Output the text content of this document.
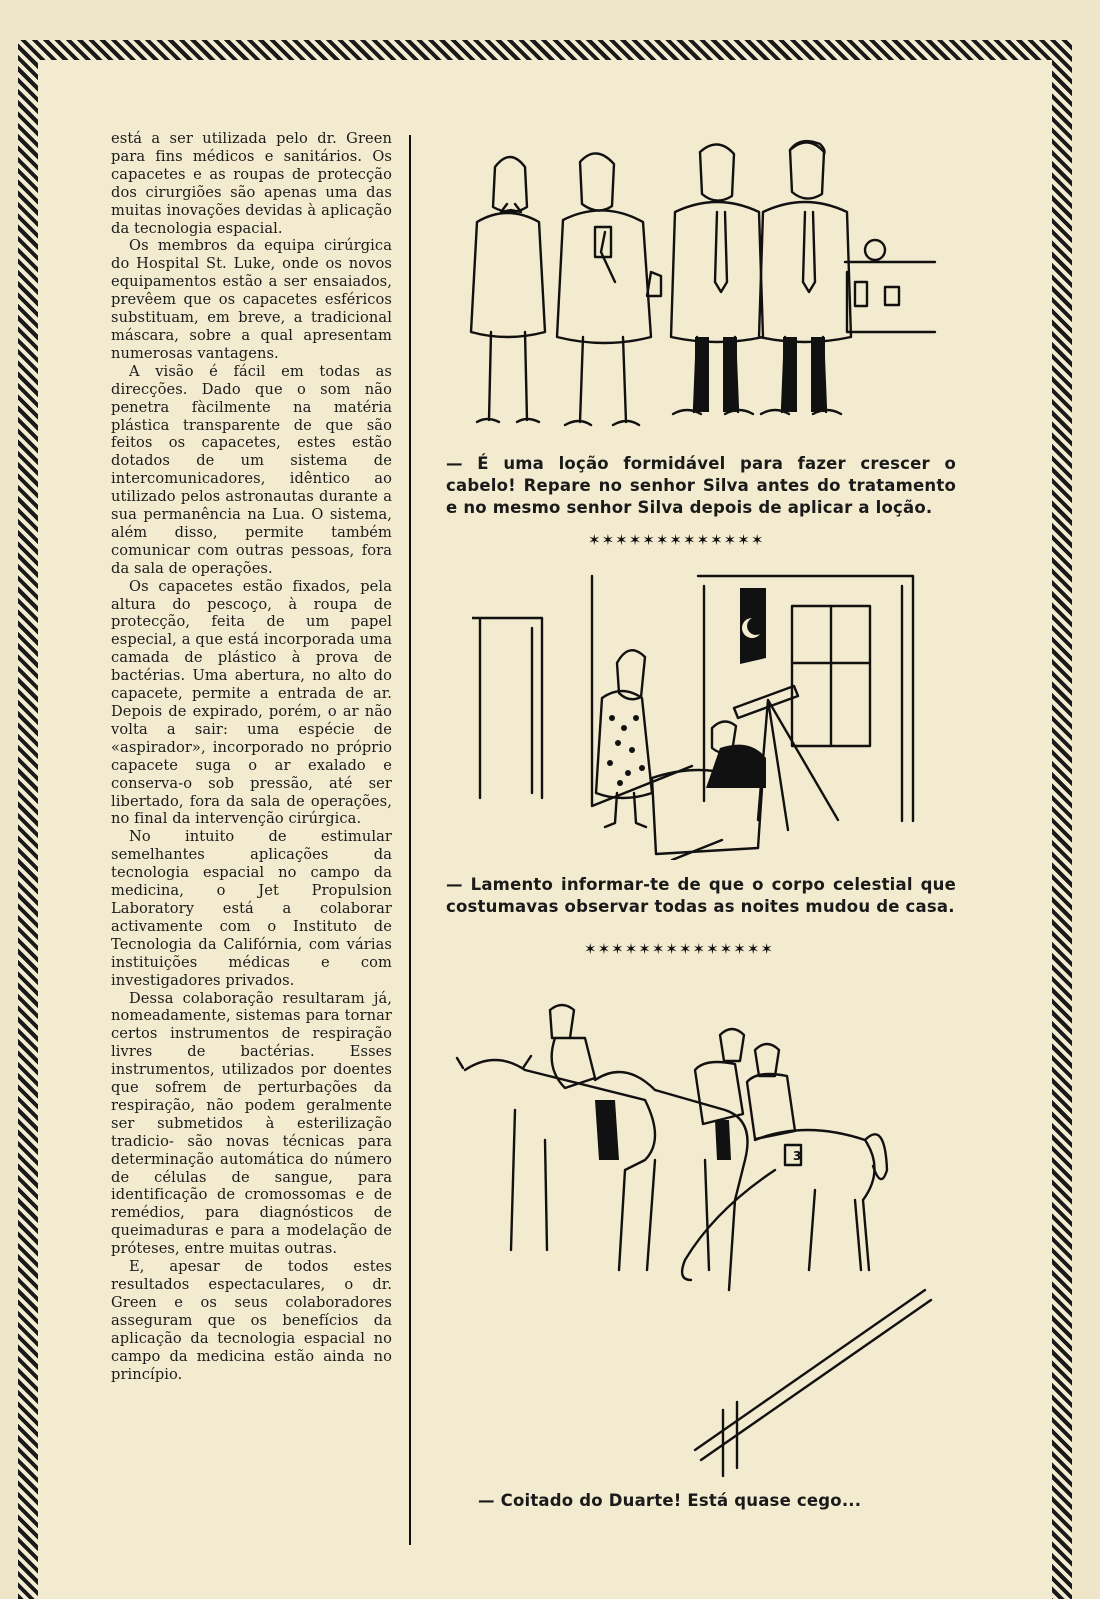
está a ser utilizada pelo dr. Green para fins médicos e sanitários. Os capacetes e as roupas de protecção dos cirurgiões são apenas uma das muitas inovações devidas à aplicação da tecnologia espacial.

Os membros da equipa cirúrgica do Hospital St. Luke, onde os novos equipamentos estão a ser ensaiados, prevêem que os capacetes esféricos substituam, em breve, a tradicional máscara, sobre a qual apresentam numerosas vantagens.

A visão é fácil em todas as direcções. Dado que o som não penetra fàcilmente na matéria plástica transparente de que são feitos os capacetes, estes estão dotados de um sistema de intercomunicadores, idêntico ao utilizado pelos astronautas durante a sua permanência na Lua. O sistema, além disso, permite também comunicar com outras pessoas, fora da sala de operações.

Os capacetes estão fixados, pela altura do pescoço, à roupa de protecção, feita de um papel especial, a que está incorporada uma camada de plástico à prova de bactérias. Uma abertura, no alto do capacete, permite a entrada de ar. Depois de expirado, porém, o ar não volta a sair: uma espécie de «aspirador», incorporado no próprio capacete suga o ar exalado e conserva-o sob pressão, até ser libertado, fora da sala de operações, no final da intervenção cirúrgica.

No intuito de estimular semelhantes aplicações da tecnologia espacial no campo da medicina, o Jet Propulsion Laboratory está a colaborar activamente com o Instituto de Tecnologia da Califórnia, com várias instituições médicas e com investigadores privados.

Dessa colaboração resultaram já, nomeadamente, sistemas para tornar certos instrumentos de respiração livres de bactérias. Esses instrumentos, utilizados por doentes que sofrem de perturbações da respiração, não podem geralmente ser submetidos à esterilização tradicio- são novas técnicas para determinação automática do número de células de sangue, para identificação de cromossomas e de remédios, para diagnósticos de queimaduras e para a modelação de próteses, entre muitas outras.

E, apesar de todos estes resultados espectaculares, o dr. Green e os seus colaboradores asseguram que os benefícios da aplicação da tecnologia espacial no campo da medicina estão ainda no princípio.

— É uma loção formidável para fazer crescer o cabelo! Repare no senhor Silva antes do tratamento e no mesmo senhor Silva depois de aplicar a loção.
✶✶✶✶✶✶✶✶✶✶✶✶✶
— Lamento informar-te de que o corpo celestial que costumavas observar todas as noites mudou de casa.
✶✶✶✶✶✶✶✶✶✶✶✶✶✶
3
— Coitado do Duarte! Está quase cego...
